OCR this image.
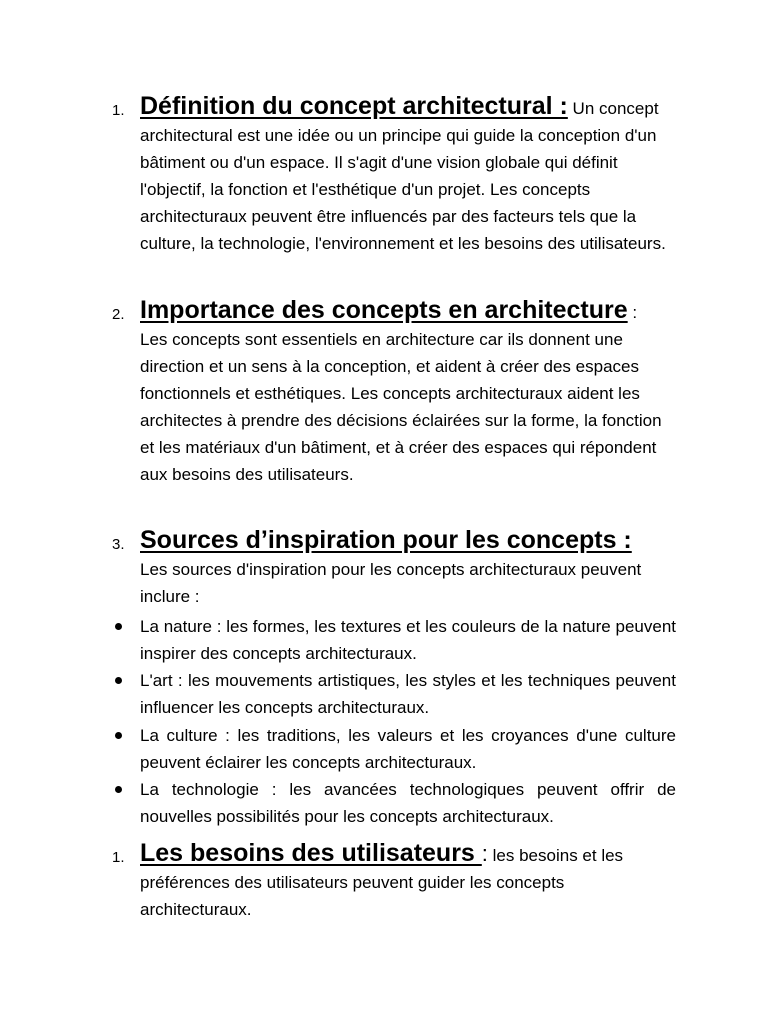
1. Définition du concept architectural : Un concept architectural est une idée ou un principe qui guide la conception d'un bâtiment ou d'un espace. Il s'agit d'une vision globale qui définit l'objectif, la fonction et l'esthétique d'un projet. Les concepts architecturaux peuvent être influencés par des facteurs tels que la culture, la technologie, l'environnement et les besoins des utilisateurs.
2. Importance des concepts en architecture :
Les concepts sont essentiels en architecture car ils donnent une direction et un sens à la conception, et aident à créer des espaces fonctionnels et esthétiques. Les concepts architecturaux aident les architectes à prendre des décisions éclairées sur la forme, la fonction et les matériaux d'un bâtiment, et à créer des espaces qui répondent aux besoins des utilisateurs.
3. Sources d’inspiration pour les concepts :
Les sources d'inspiration pour les concepts architecturaux peuvent inclure :
La nature : les formes, les textures et les couleurs de la nature peuvent inspirer des concepts architecturaux.
L'art : les mouvements artistiques, les styles et les techniques peuvent influencer les concepts architecturaux.
La culture : les traditions, les valeurs et les croyances d'une culture peuvent éclairer les concepts architecturaux.
La technologie : les avancées technologiques peuvent offrir de nouvelles possibilités pour les concepts architecturaux.
1. Les besoins des utilisateurs : les besoins et les préférences des utilisateurs peuvent guider les concepts architecturaux.
